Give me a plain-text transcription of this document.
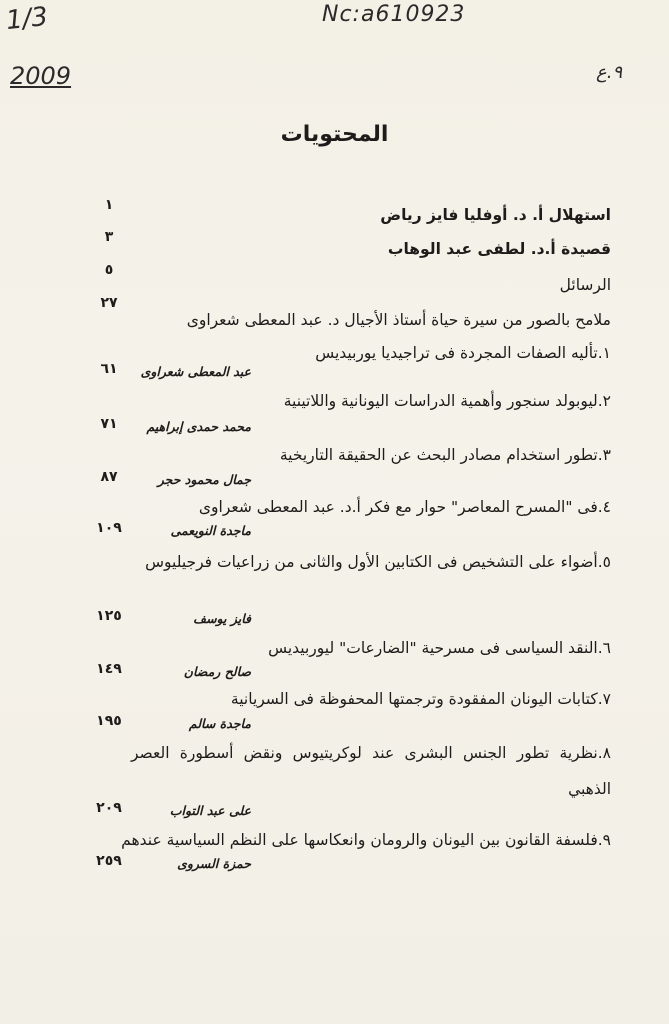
1/3
2009
Nc:a610923
٩.ع
المحتويات
استهلال أ. د. أوفليا فايز رياض
١
قصيدة أ.د. لطفى عبد الوهاب
٣
الرسائل
٥
ملامح بالصور من سيرة حياة أستاذ الأجيال د. عبد المعطى شعراوى
٢٧
١.تأليه الصفات المجردة فى تراجيديا يوربيديس
عبد المعطى شعراوى
٦١
٢.ليوبولد سنجور وأهمية الدراسات اليونانية واللاتينية
محمد حمدى إبراهيم
٧١
٣.تطور استخدام مصادر البحث عن الحقيقة التاريخية
جمال محمود حجر
٨٧
٤.فى "المسرح المعاصر" حوار مع فكر أ.د. عبد المعطى شعراوى
ماجدة النويعمى
١٠٩
٥.أضواء على التشخيص فى الكتابين الأول والثانى من زراعيات فرجيليوس
فايز يوسف
١٢٥
٦.النقد السياسى فى مسرحية "الضارعات" ليوربيديس
صالح رمضان
١٤٩
٧.كتابات اليونان المفقودة وترجمتها المحفوظة فى السريانية
ماجدة سالم
١٩٥
٨.نظرية تطور الجنس البشرى عند لوكريتيوس ونقض أسطورة العصر الذهبي
على عبد التواب
٢٠٩
٩.فلسفة القانون بين اليونان والرومان وانعكاسها على النظم السياسية عندهم
حمزة السروى
٢٥٩
